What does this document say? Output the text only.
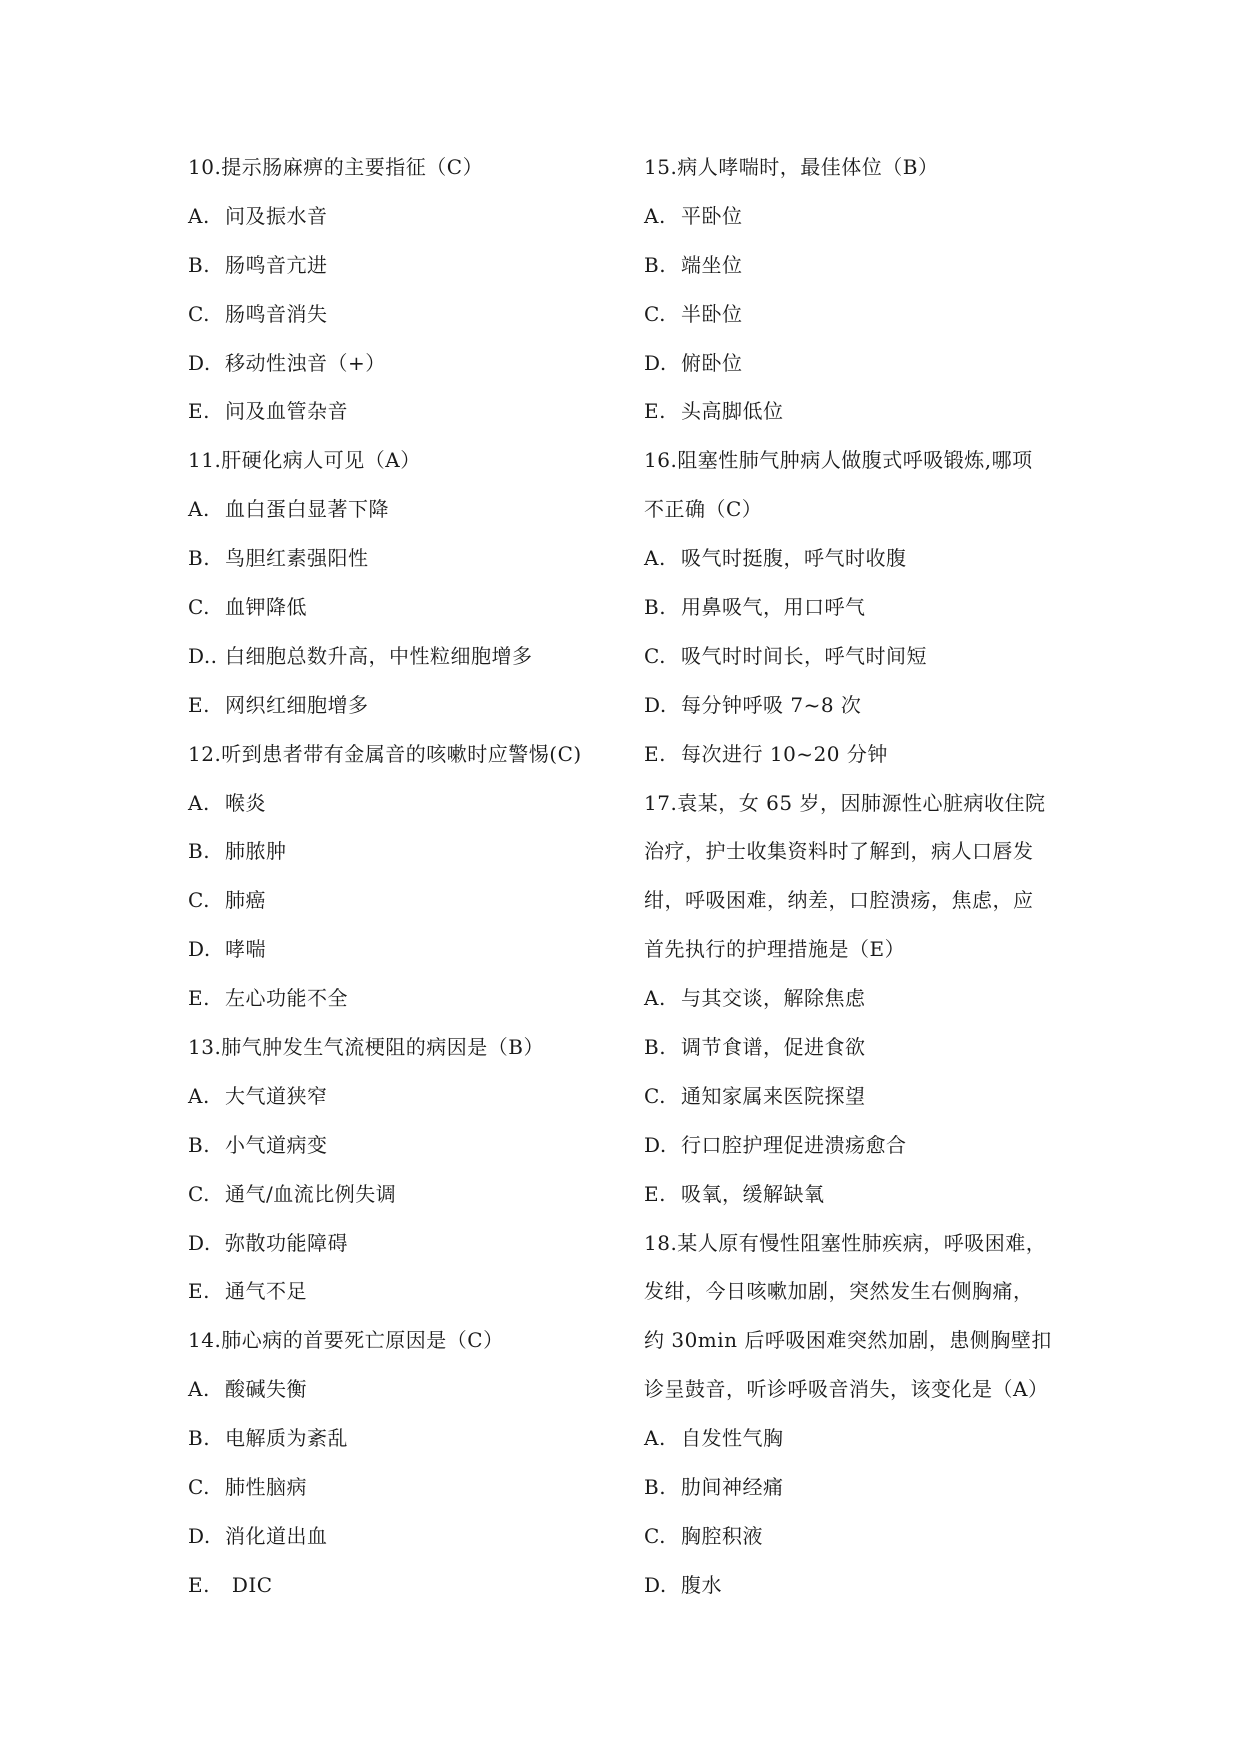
10.提示肠麻痹的主要指征（C）
A. 问及振水音
B. 肠鸣音亢进
C. 肠鸣音消失
D. 移动性浊音（+）
E. 问及血管杂音
11.肝硬化病人可见（A）
A. 血白蛋白显著下降
B. 鸟胆红素强阳性
C. 血钾降低
D.. 白细胞总数升高，中性粒细胞增多
E. 网织红细胞增多
12.听到患者带有金属音的咳嗽时应警惕(C)
A. 喉炎
B. 肺脓肿
C. 肺癌
D. 哮喘
E. 左心功能不全
13.肺气肿发生气流梗阻的病因是（B）
A. 大气道狭窄
B. 小气道病变
C. 通气/血流比例失调
D. 弥散功能障碍
E. 通气不足
14.肺心病的首要死亡原因是（C）
A. 酸碱失衡
B. 电解质为紊乱
C. 肺性脑病
D. 消化道出血
E. DIC
15.病人哮喘时，最佳体位（B）
A. 平卧位
B. 端坐位
C. 半卧位
D. 俯卧位
E. 头高脚低位
16.阻塞性肺气肿病人做腹式呼吸锻炼,哪项
不正确（C）
A. 吸气时挺腹，呼气时收腹
B. 用鼻吸气，用口呼气
C. 吸气时时间长，呼气时间短
D. 每分钟呼吸 7~8 次
E. 每次进行 10~20 分钟
17.袁某，女 65 岁，因肺源性心脏病收住院
治疗，护士收集资料时了解到，病人口唇发
绀，呼吸困难，纳差，口腔溃疡，焦虑，应
首先执行的护理措施是（E）
A. 与其交谈，解除焦虑
B. 调节食谱，促进食欲
C. 通知家属来医院探望
D. 行口腔护理促进溃疡愈合
E. 吸氧，缓解缺氧
18.某人原有慢性阻塞性肺疾病，呼吸困难，
发绀，今日咳嗽加剧，突然发生右侧胸痛，
约 30min 后呼吸困难突然加剧，患侧胸壁扣
诊呈鼓音，听诊呼吸音消失，该变化是（A）
A. 自发性气胸
B. 肋间神经痛
C. 胸腔积液
D. 腹水
